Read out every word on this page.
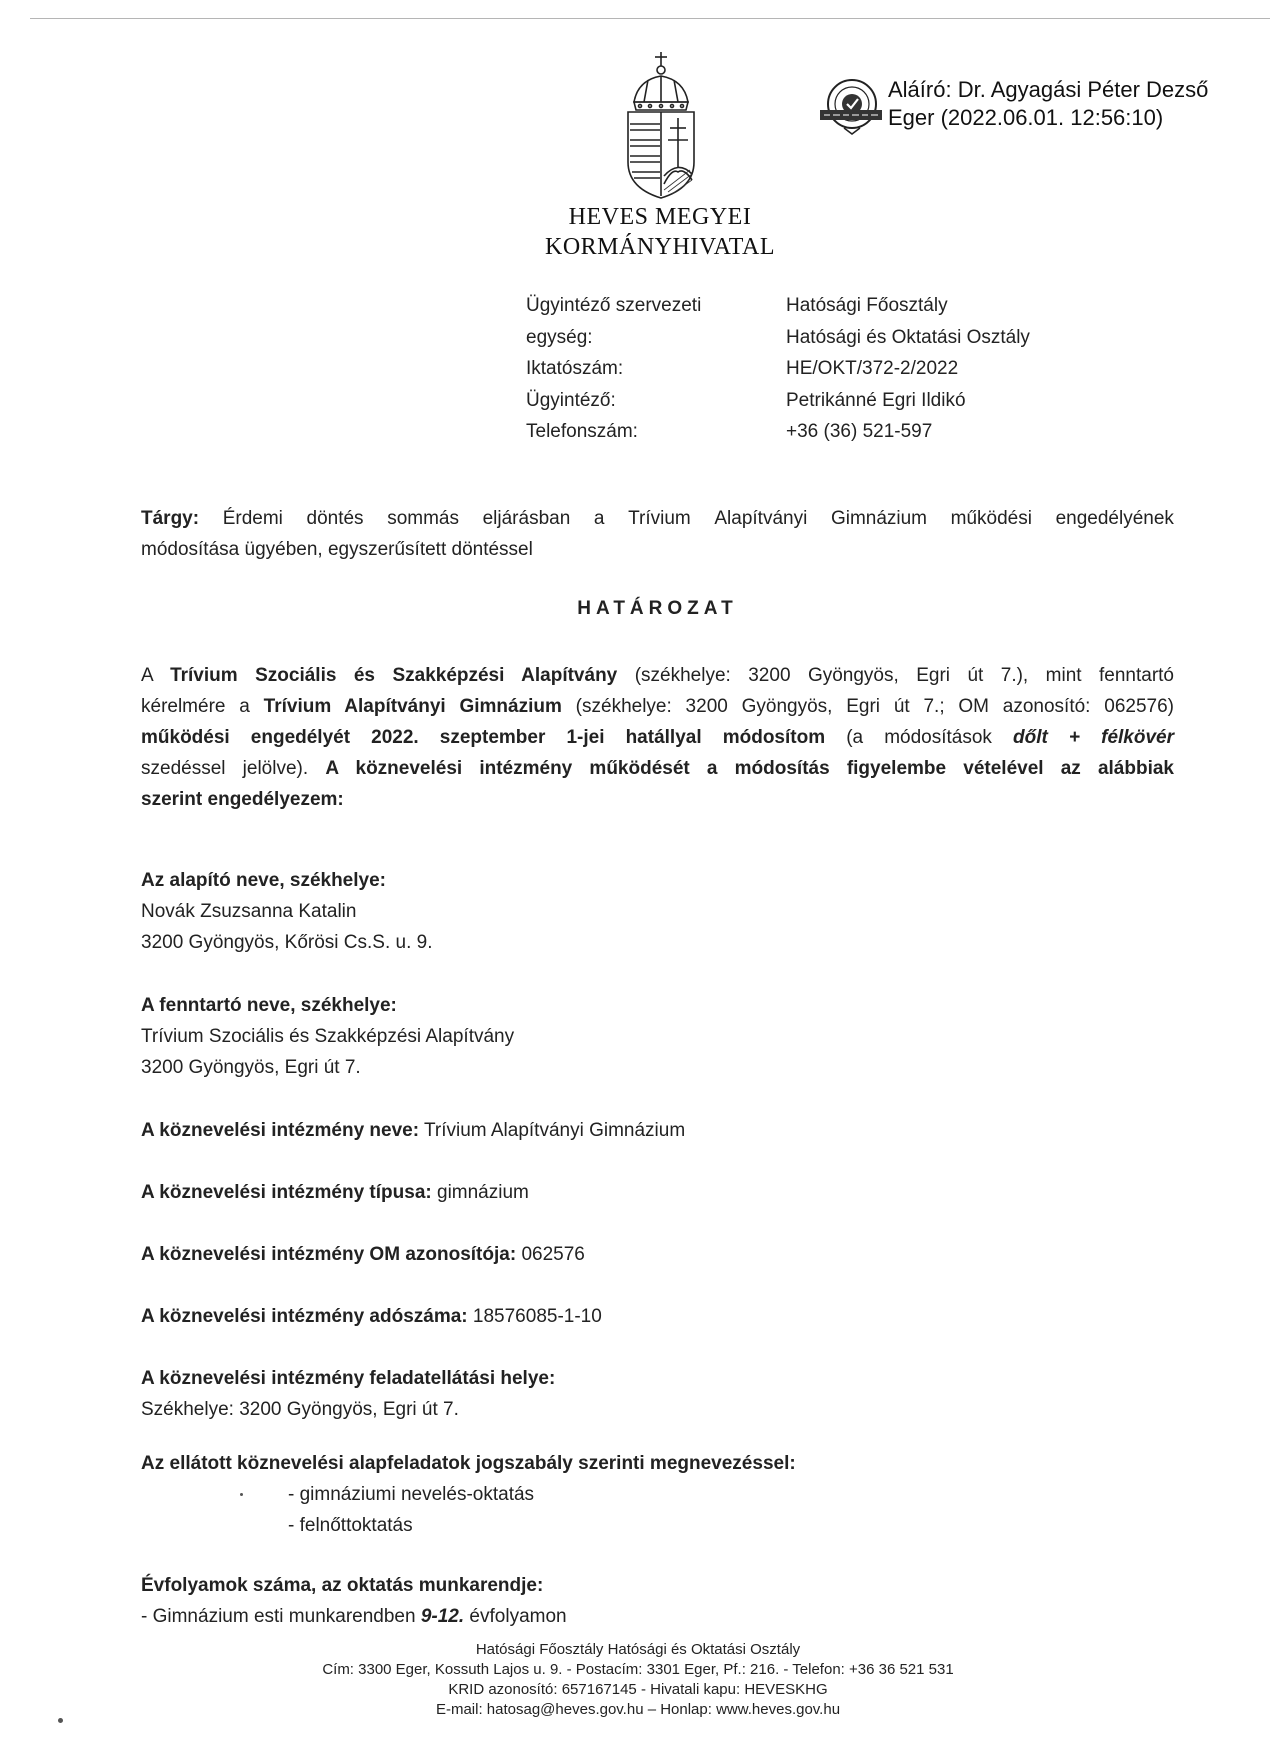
HEVES MEGYEI
KORMÁNYHIVATAL
Aláíró: Dr. Agyagási Péter Dezső
Eger (2022.06.01. 12:56:10)
Ügyintéző szervezeti
egység:
Iktatószám:
Ügyintéző:
Telefonszám:
Hatósági Főosztály
Hatósági és Oktatási Osztály
HE/OKT/372-2/2022
Petrikánné Egri Ildikó
+36 (36) 521-597
Tárgy: Érdemi döntés sommás eljárásban a Trívium Alapítványi Gimnázium működési engedélyének
módosítása ügyében, egyszerűsített döntéssel
HATÁROZAT
A Trívium Szociális és Szakképzési Alapítvány (székhelye: 3200 Gyöngyös, Egri út 7.), mint fenntartó
kérelmére a Trívium Alapítványi Gimnázium (székhelye: 3200 Gyöngyös, Egri út 7.; OM azonosító: 062576)
működési engedélyét 2022. szeptember 1-jei hatállyal módosítom (a módosítások dőlt + félkövér
szedéssel jelölve). A köznevelési intézmény működését a módosítás figyelembe vételével az alábbiak
szerint engedélyezem:
Az alapító neve, székhelye:
Novák Zsuzsanna Katalin
3200 Gyöngyös, Kőrösi Cs.S. u. 9.
A fenntartó neve, székhelye:
Trívium Szociális és Szakképzési Alapítvány
3200 Gyöngyös, Egri út 7.
A köznevelési intézmény neve: Trívium Alapítványi Gimnázium
A köznevelési intézmény típusa: gimnázium
A köznevelési intézmény OM azonosítója: 062576
A köznevelési intézmény adószáma: 18576085-1-10
A köznevelési intézmény feladatellátási helye:
Székhelye: 3200 Gyöngyös, Egri út 7.
Az ellátott köznevelési alapfeladatok jogszabály szerinti megnevezéssel:
- gimnáziumi nevelés-oktatás
- felnőttoktatás
Évfolyamok száma, az oktatás munkarendje:
- Gimnázium esti munkarendben 9-12. évfolyamon
Hatósági Főosztály Hatósági és Oktatási Osztály
Cím: 3300 Eger, Kossuth Lajos u. 9. - Postacím: 3301 Eger, Pf.: 216. - Telefon: +36 36 521 531
KRID azonosító: 657167145 - Hivatali kapu: HEVESKHG
E-mail: hatosag@heves.gov.hu – Honlap: www.heves.gov.hu
